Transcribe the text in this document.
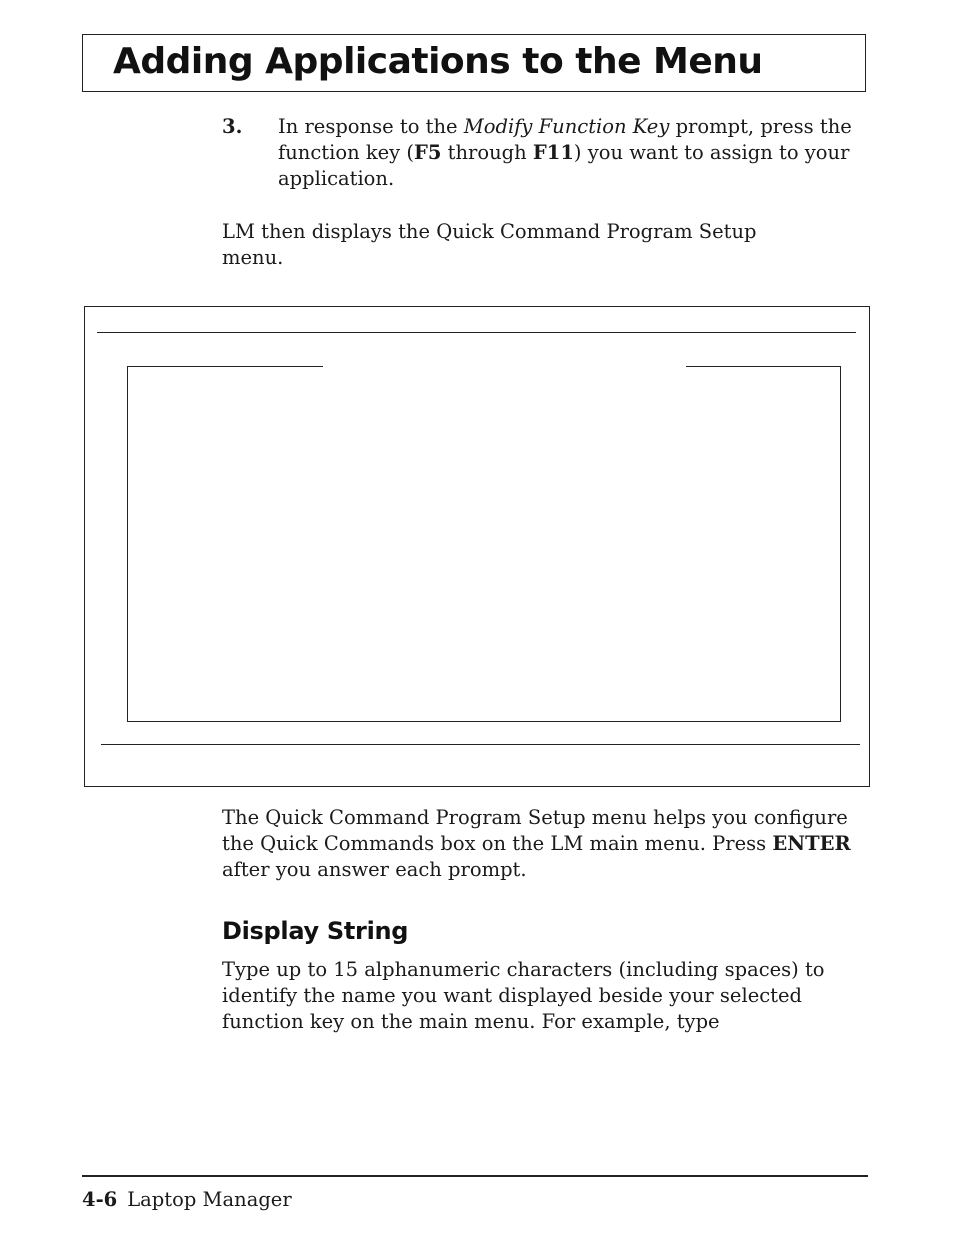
Adding Applications to the Menu
3. In response to the Modify Function Key prompt, press the function key (F5 through F11) you want to assign to your application.
LM then displays the Quick Command Program Setup menu.
The Quick Command Program Setup menu helps you configure the Quick Commands box on the LM main menu. Press ENTER after you answer each prompt.
Display String
Type up to 15 alphanumeric characters (including spaces) to identify the name you want displayed beside your selected function key on the main menu. For example, type
4-6 Laptop Manager
